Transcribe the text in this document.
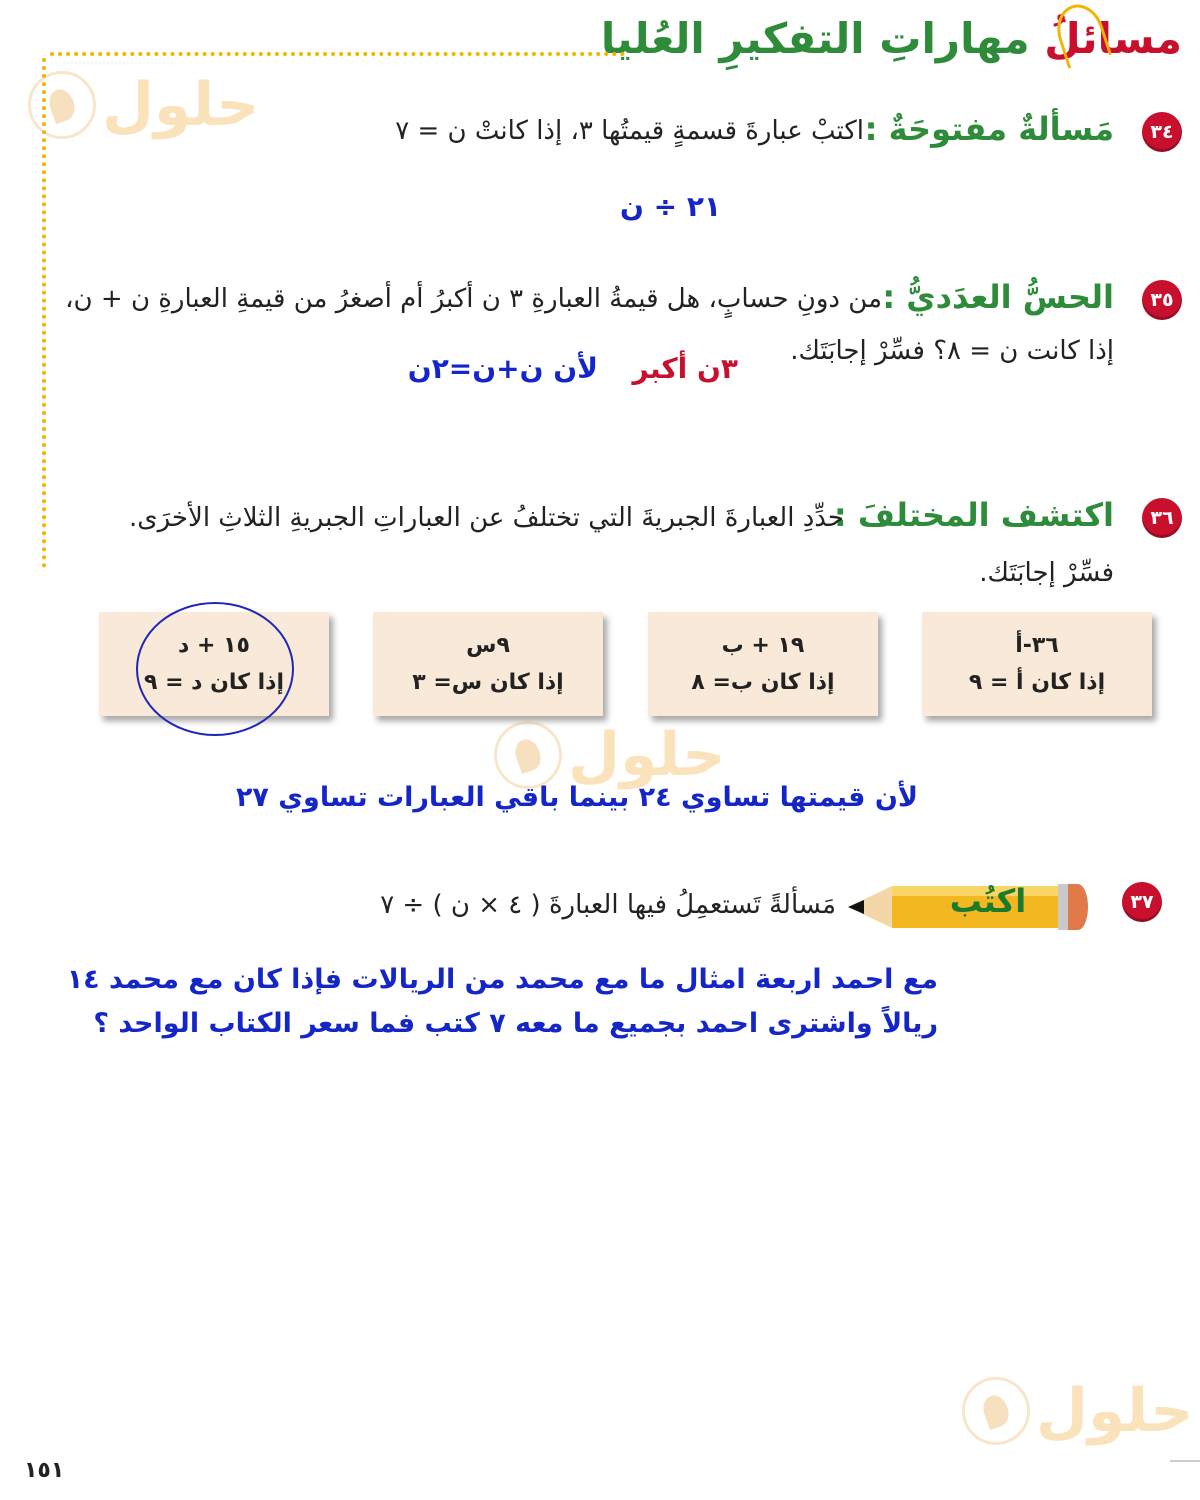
مسائلُ مهاراتِ التفكيرِ العُليا
حلول	٣٤
مَسألةٌ مفتوحَةٌ :
اكتبْ عبارةَ قسمةٍ قيمتُها ٣، إذا كانتْ ن = ٧
٢١ ÷ ن
٣٥
الحسُّ العدَديُّ :
من دونِ حسابٍ، هل قيمةُ العبارةِ ٣ ن أكبرُ أم أصغرُ من قيمةِ العبارةِ ن + ن،
إذا كانت ن = ٨؟ فسِّرْ إجابَتَك.
٣ن أكبر
لأن ن+ن=٢ن
٣٦
اكتشف المختلفَ :
حدِّدِ العبارةَ الجبريةَ التي تختلفُ عن العباراتِ الجبريةِ الثلاثِ الأخرَى.
فسِّرْ إجابَتَك.
٣٦-أ
إذا كان أ = ٩
١٩ + ب
إذا كان ب= ٨
٩س
إذا كان س= ٣
١٥ + د
إذا كان د = ٩
حلول
لأن قيمتها تساوي ٢٤ بينما باقي العبارات تساوي ٢٧
٣٧
اكتُب
مَسألةً تَستعمِلُ فيها العبارةَ ( ٤ × ن ) ÷ ٧
مع احمد اربعة امثال ما مع محمد من الريالات فإذا كان مع محمد ١٤
ريالاً واشترى احمد بجميع ما معه ٧ كتب فما سعر الكتاب الواحد ؟
حلول
١٥١
